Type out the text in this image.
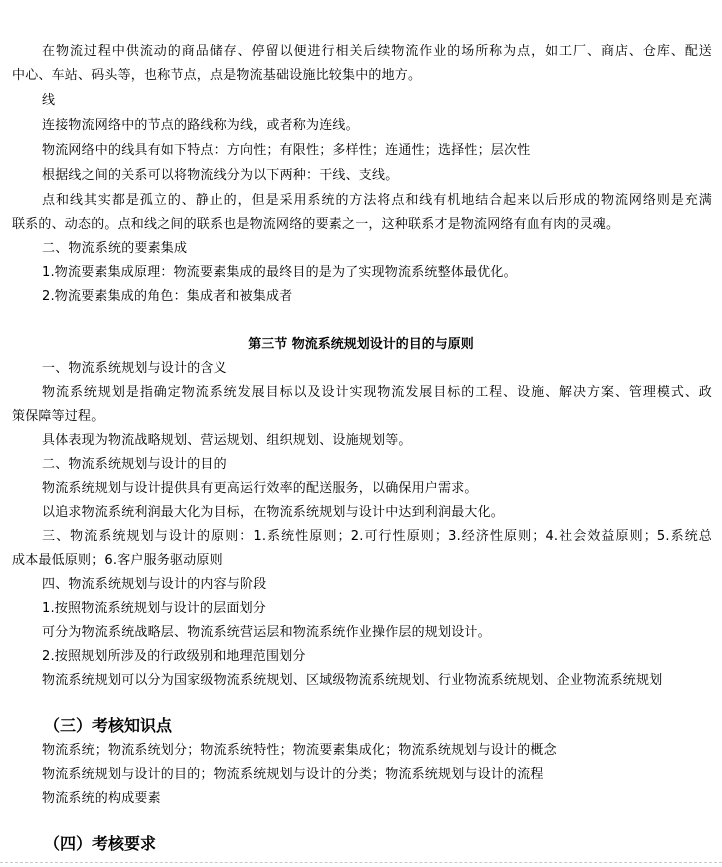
在物流过程中供流动的商品储存、停留以便进行相关后续物流作业的场所称为点，如工厂、商店、仓库、配送
中心、车站、码头等，也称节点，点是物流基础设施比较集中的地方。
线
连接物流网络中的节点的路线称为线，或者称为连线。
物流网络中的线具有如下特点：方向性；有限性；多样性；连通性；选择性；层次性
根据线之间的关系可以将物流线分为以下两种：干线、支线。
点和线其实都是孤立的、静止的，但是采用系统的方法将点和线有机地结合起来以后形成的物流网络则是充满
联系的、动态的。点和线之间的联系也是物流网络的要素之一，这种联系才是物流网络有血有肉的灵魂。
二、物流系统的要素集成
1.物流要素集成原理：物流要素集成的最终目的是为了实现物流系统整体最优化。
2.物流要素集成的角色：集成者和被集成者
第三节 物流系统规划设计的目的与原则
一、物流系统规划与设计的含义
物流系统规划是指确定物流系统发展目标以及设计实现物流发展目标的工程、设施、解决方案、管理模式、政
策保障等过程。
具体表现为物流战略规划、营运规划、组织规划、设施规划等。
二、物流系统规划与设计的目的
物流系统规划与设计提供具有更高运行效率的配送服务，以确保用户需求。
以追求物流系统利润最大化为目标，在物流系统规划与设计中达到利润最大化。
三、物流系统规划与设计的原则：1.系统性原则；2.可行性原则；3.经济性原则；4.社会效益原则；5.系统总
成本最低原则；6.客户服务驱动原则
四、物流系统规划与设计的内容与阶段
1.按照物流系统规划与设计的层面划分
可分为物流系统战略层、物流系统营运层和物流系统作业操作层的规划设计。
2.按照规划所涉及的行政级别和地理范围划分
物流系统规划可以分为国家级物流系统规划、区域级物流系统规划、行业物流系统规划、企业物流系统规划
（三）考核知识点
物流系统；物流系统划分；物流系统特性；物流要素集成化；物流系统规划与设计的概念
物流系统规划与设计的目的；物流系统规划与设计的分类；物流系统规划与设计的流程
物流系统的构成要素
（四）考核要求
